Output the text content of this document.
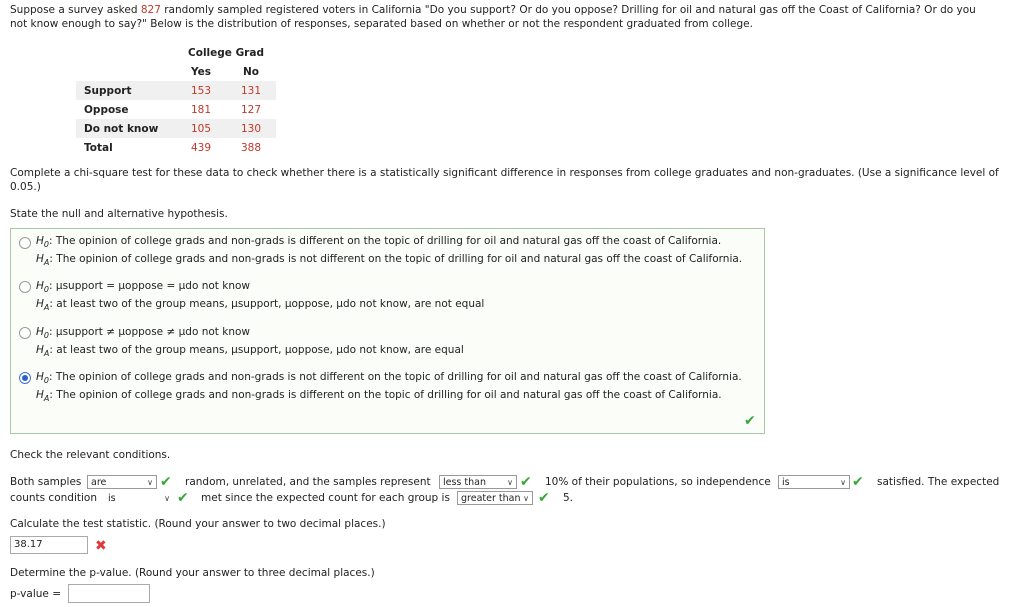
Suppose a survey asked 827 randomly sampled registered voters in California "Do you support? Or do you oppose? Drilling for oil and natural gas off the Coast of California? Or do you
not know enough to say?" Below is the distribution of responses, separated based on whether or not the respondent graduated from college.
	College Grad	
	Yes	No
Support	153	131
Oppose	181	127
Do not know	105	130
Total	439	388
Complete a chi-square test for these data to check whether there is a statistically significant difference in responses from college graduates and non-graduates. (Use a significance level of
0.05.)
State the null and alternative hypothesis.
$H_0$: The opinion of college grads and non-grads is different on the topic of drilling for oil and natural gas off the coast of California.
$H_A$: The opinion of college grads and non-grads is not different on the topic of drilling for oil and natural gas off the coast of California.
$H_0$: μsupport = μoppose = μdo not know
$H_A$: at least two of the group means, μsupport, μoppose, μdo not know, are not equal
$H_0$: μsupport ≠ μoppose ≠ μdo not know
$H_A$: at least two of the group means, μsupport, μoppose, μdo not know, are equal
$H_0$: The opinion of college grads and non-grads is not different on the topic of drilling for oil and natural gas off the coast of California.
$H_A$: The opinion of college grads and non-grads is different on the topic of drilling for oil and natural gas off the coast of California.
✔
Check the relevant conditions.
Both samples	are	∨ ✔ random, unrelated, and the samples represent	less than	∨ ✔ 10% of their populations, so independence	is	∨ ✔ satisfied. The expected
counts condition	is	∨ ✔ met since the expected count for each group is	greater than ∨ ✔ 5.
Calculate the test statistic. (Round your answer to two decimal places.)
38.17	✖
Determine the p-value. (Round your answer to three decimal places.)
p-value =
